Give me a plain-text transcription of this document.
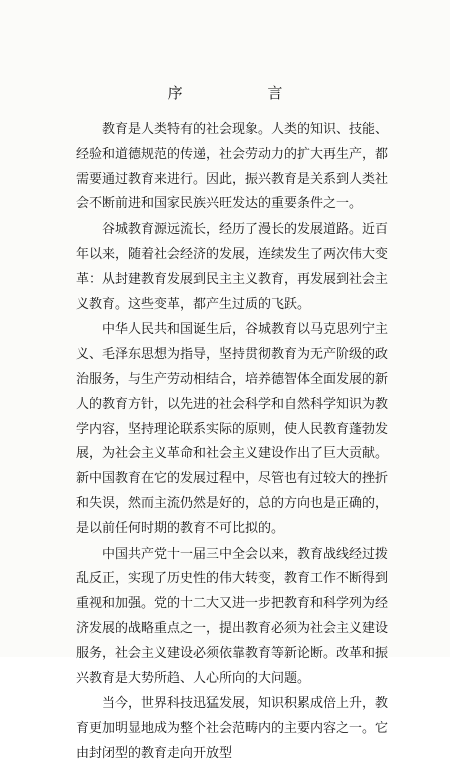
序 言

教育是人类特有的社会现象。人类的知识、技能、经验和道德规范的传递，社会劳动力的扩大再生产，都需要通过教育来进行。因此，振兴教育是关系到人类社会不断前进和国家民族兴旺发达的重要条件之一。

谷城教育源远流长，经历了漫长的发展道路。近百年以来，随着社会经济的发展，连续发生了两次伟大变革：从封建教育发展到民主主义教育，再发展到社会主义教育。这些变革，都产生过质的飞跃。

中华人民共和国诞生后，谷城教育以马克思列宁主义、毛泽东思想为指导，坚持贯彻教育为无产阶级的政治服务，与生产劳动相结合，培养德智体全面发展的新人的教育方针，以先进的社会科学和自然科学知识为教学内容，坚持理论联系实际的原则，使人民教育蓬勃发展，为社会主义革命和社会主义建设作出了巨大贡献。新中国教育在它的发展过程中，尽管也有过较大的挫折和失误，然而主流仍然是好的，总的方向也是正确的，是以前任何时期的教育不可比拟的。

中国共产党十一届三中全会以来，教育战线经过拨乱反正，实现了历史性的伟大转变，教育工作不断得到重视和加强。党的十二大又进一步把教育和科学列为经济发展的战略重点之一，提出教育必须为社会主义建设服务，社会主义建设必须依靠教育等新论断。改革和振兴教育是大势所趋、人心所向的大问题。

当今，世界科技迅猛发展，知识积累成倍上升，教育更加明显地成为整个社会范畴内的主要内容之一。它由封闭型的教育走向开放型
